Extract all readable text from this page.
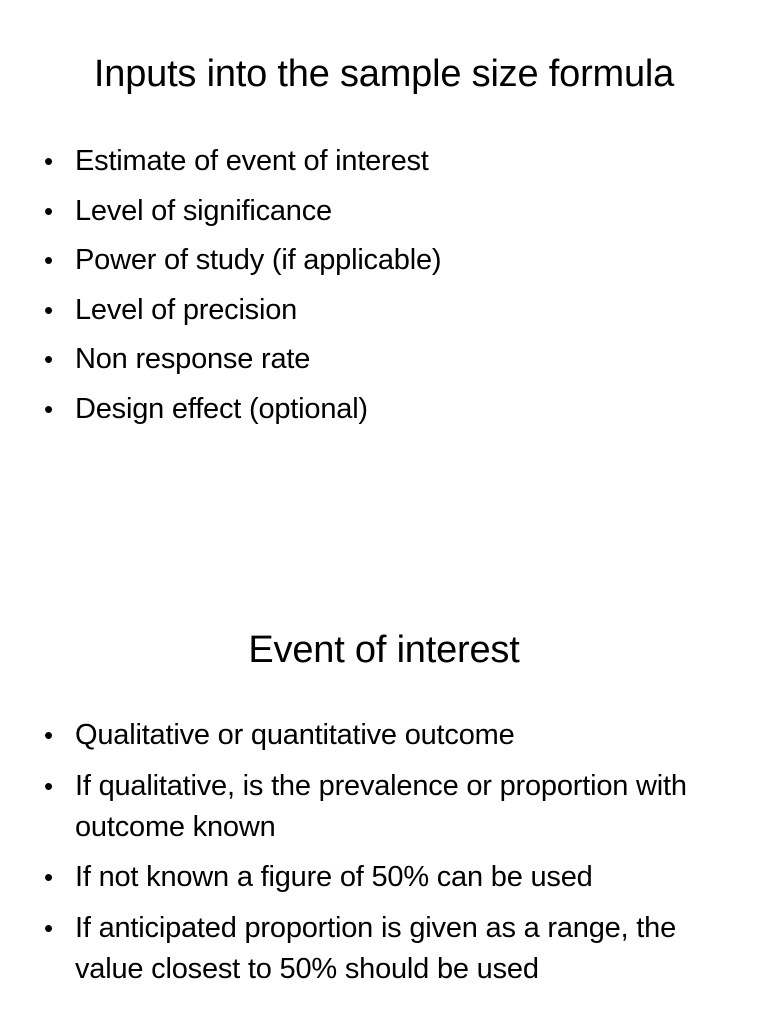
Inputs into the sample size formula
• Estimate of event of interest
• Level of significance
• Power of study (if applicable)
• Level of precision
• Non response rate
• Design effect (optional)
Event of interest
• Qualitative or quantitative outcome
• If qualitative, is the prevalence or proportion with outcome known
• If not known a figure of 50% can be used
• If anticipated proportion is given as a range, the value closest to 50% should be used
